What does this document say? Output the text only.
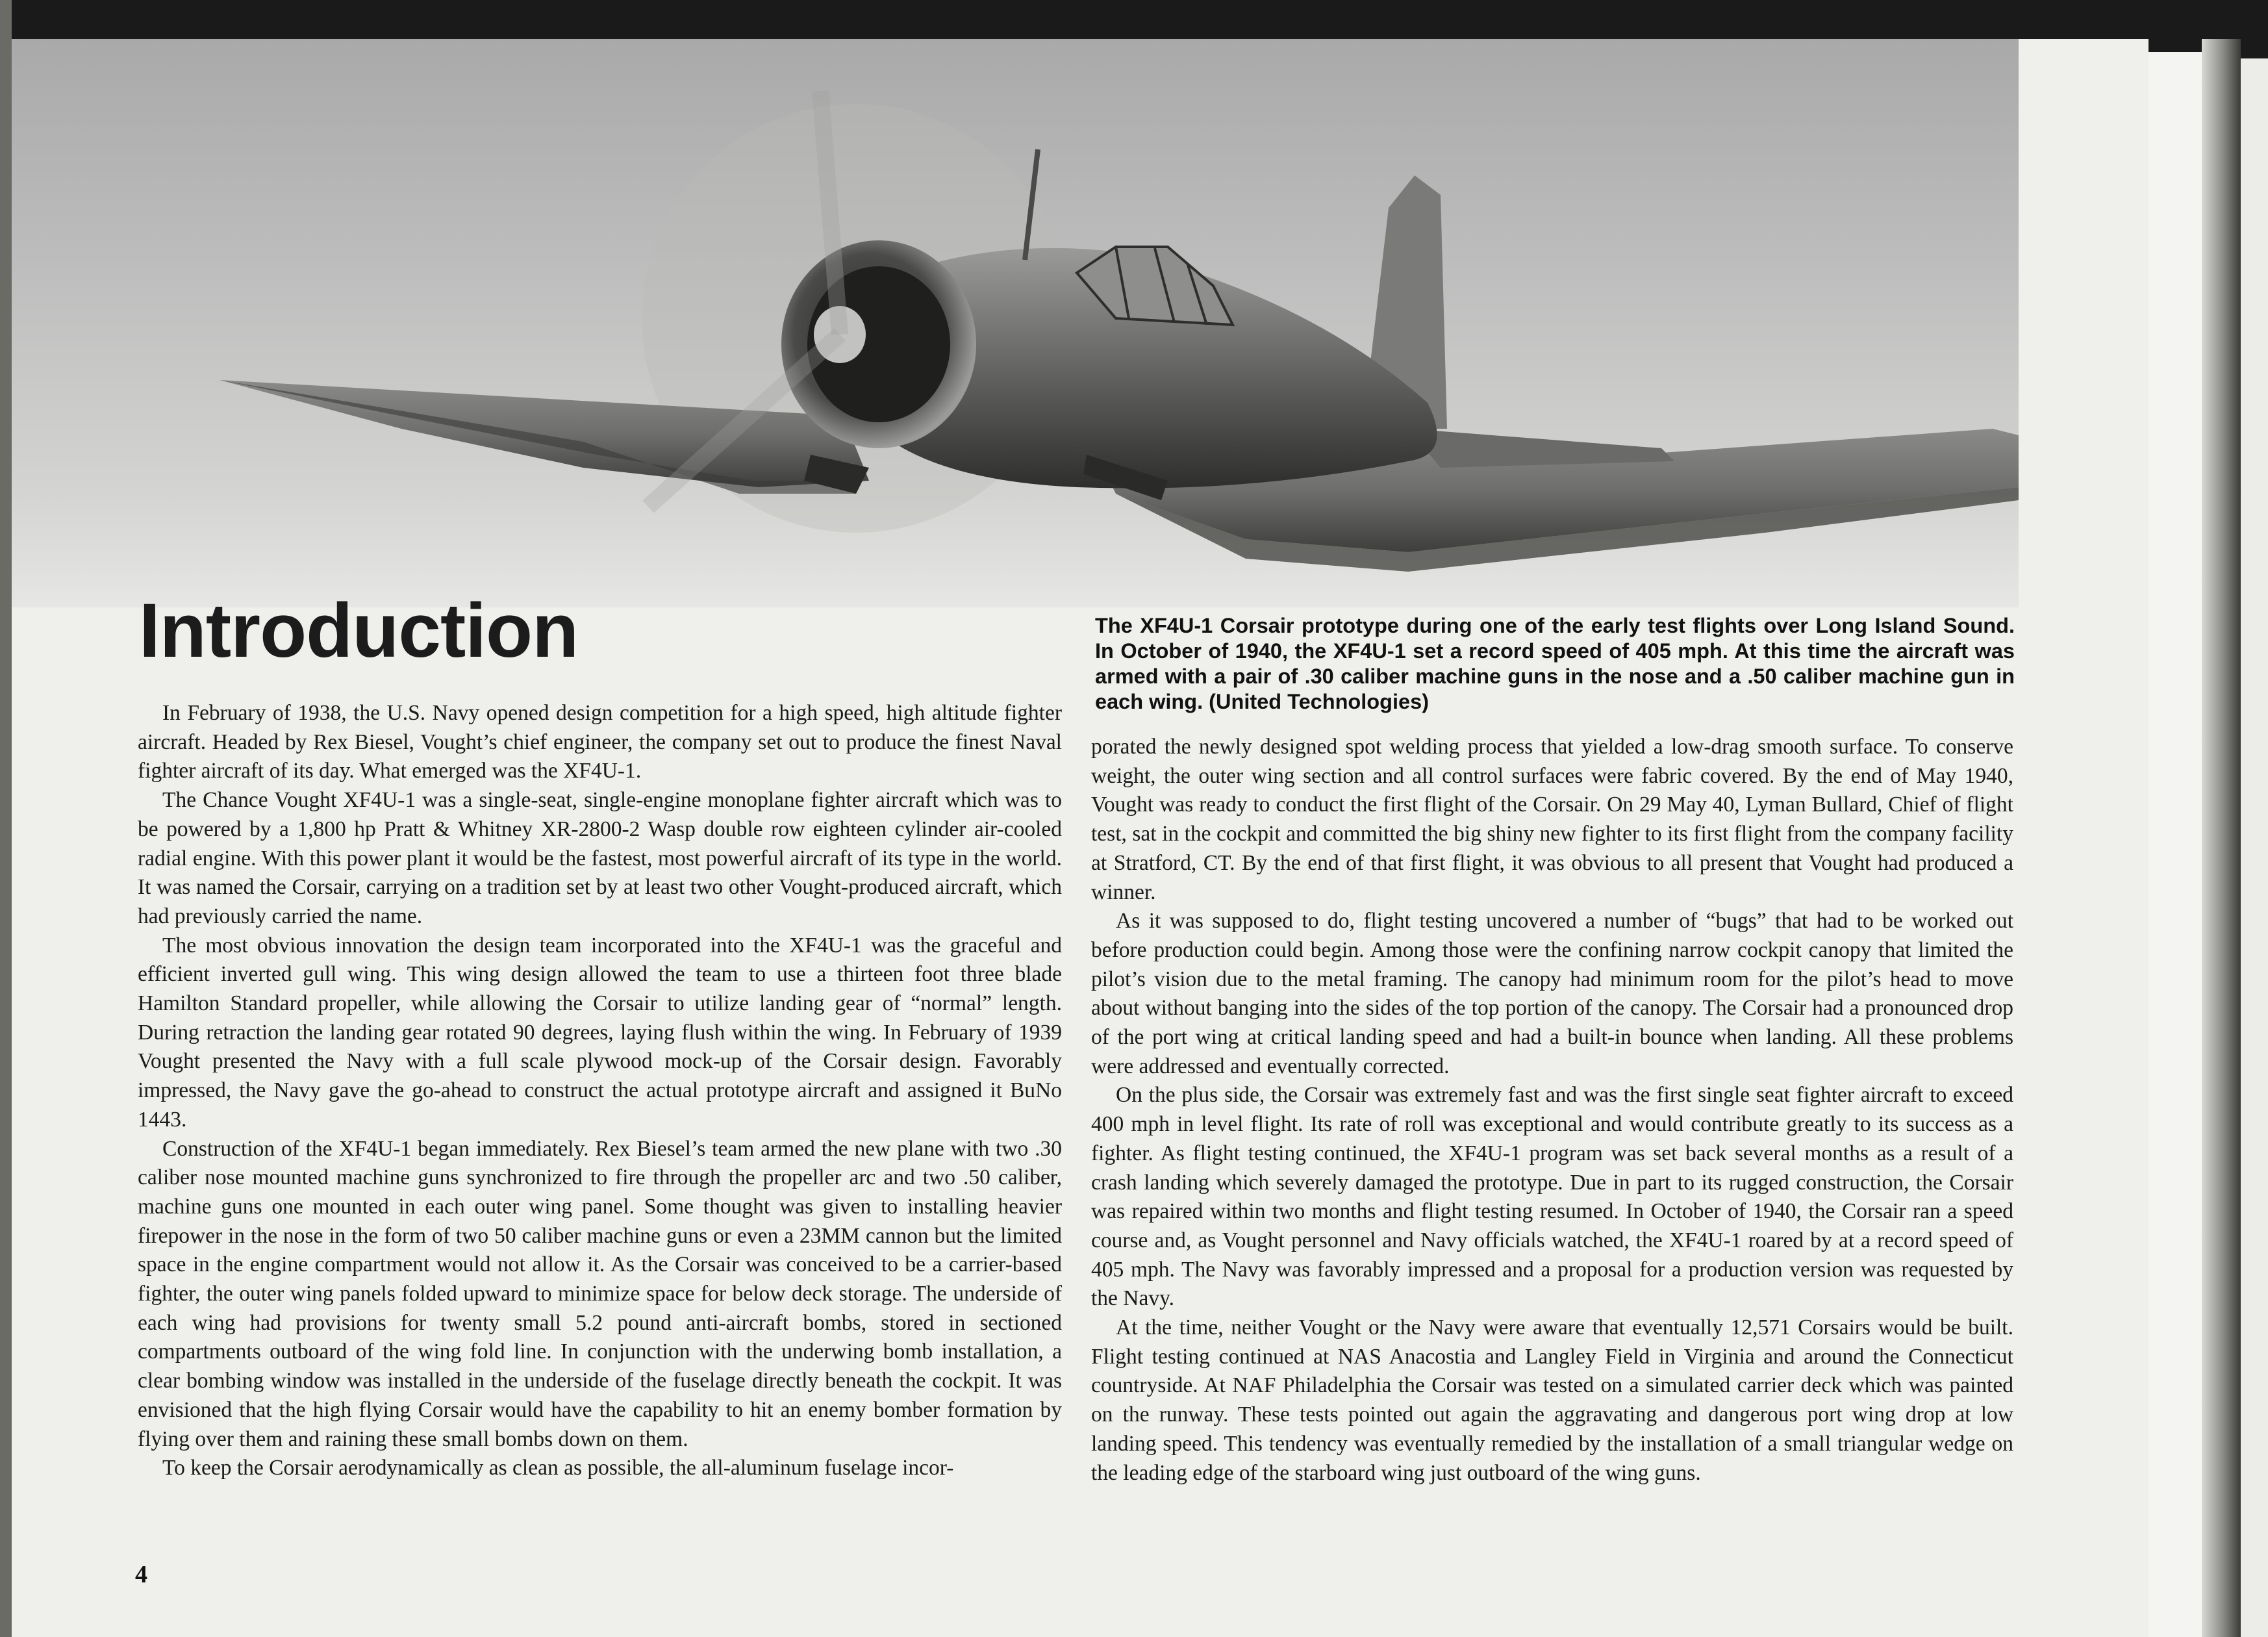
Introduction	The XF4U-1 Corsair prototype during one of the early test flights over Long Island Sound. In October of 1940, the XF4U-1 set a record speed of 405 mph. At this time the aircraft was armed with a pair of .30 caliber machine guns in the nose and a .50 caliber machine gun in each wing. (United Technologies)

In February of 1938, the U.S. Navy opened design competition for a high speed, high altitude fighter aircraft. Headed by Rex Biesel, Vought’s chief engineer, the company set out to produce the finest Naval fighter aircraft of its day. What emerged was the XF4U-1.

The Chance Vought XF4U-1 was a single-seat, single-engine monoplane fighter aircraft which was to be powered by a 1,800 hp Pratt & Whitney XR-2800-2 Wasp double row eighteen cylinder air-cooled radial engine. With this power plant it would be the fastest, most powerful aircraft of its type in the world. It was named the Corsair, carrying on a tradition set by at least two other Vought-produced aircraft, which had previously carried the name.

The most obvious innovation the design team incorporated into the XF4U-1 was the graceful and efficient inverted gull wing. This wing design allowed the team to use a thirteen foot three blade Hamilton Standard propeller, while allowing the Corsair to utilize landing gear of “normal” length. During retraction the landing gear rotated 90 degrees, laying flush within the wing. In February of 1939 Vought presented the Navy with a full scale plywood mock-up of the Corsair design. Favorably impressed, the Navy gave the go-ahead to construct the actual prototype aircraft and assigned it BuNo 1443.

Construction of the XF4U-1 began immediately. Rex Biesel’s team armed the new plane with two .30 caliber nose mounted machine guns synchronized to fire through the propeller arc and two .50 caliber, machine guns one mounted in each outer wing panel. Some thought was given to installing heavier firepower in the nose in the form of two 50 caliber machine guns or even a 23MM cannon but the limited space in the engine compartment would not allow it. As the Corsair was conceived to be a carrier-based fighter, the outer wing panels folded upward to minimize space for below deck storage. The underside of each wing had provisions for twenty small 5.2 pound anti-aircraft bombs, stored in sectioned compartments outboard of the wing fold line. In conjunction with the underwing bomb installation, a clear bombing window was installed in the underside of the fuselage directly beneath the cockpit. It was envisioned that the high flying Corsair would have the capability to hit an enemy bomber formation by flying over them and raining these small bombs down on them.

To keep the Corsair aerodynamically as clean as possible, the all-aluminum fuselage incor-

porated the newly designed spot welding process that yielded a low-drag smooth surface. To conserve weight, the outer wing section and all control surfaces were fabric covered. By the end of May 1940, Vought was ready to conduct the first flight of the Corsair. On 29 May 40, Lyman Bullard, Chief of flight test, sat in the cockpit and committed the big shiny new fighter to its first flight from the company facility at Stratford, CT. By the end of that first flight, it was obvious to all present that Vought had produced a winner.

As it was supposed to do, flight testing uncovered a number of “bugs” that had to be worked out before production could begin. Among those were the confining narrow cockpit canopy that limited the pilot’s vision due to the metal framing. The canopy had minimum room for the pilot’s head to move about without banging into the sides of the top portion of the canopy. The Corsair had a pronounced drop of the port wing at critical landing speed and had a built-in bounce when landing. All these problems were addressed and eventually corrected.

On the plus side, the Corsair was extremely fast and was the first single seat fighter aircraft to exceed 400 mph in level flight. Its rate of roll was exceptional and would contribute greatly to its success as a fighter. As flight testing continued, the XF4U-1 program was set back several months as a result of a crash landing which severely damaged the prototype. Due in part to its rugged construction, the Corsair was repaired within two months and flight testing resumed. In October of 1940, the Corsair ran a speed course and, as Vought personnel and Navy officials watched, the XF4U-1 roared by at a record speed of 405 mph. The Navy was favorably impressed and a proposal for a production version was requested by the Navy.

At the time, neither Vought or the Navy were aware that eventually 12,571 Corsairs would be built. Flight testing continued at NAS Anacostia and Langley Field in Virginia and around the Connecticut countryside. At NAF Philadelphia the Corsair was tested on a simulated carrier deck which was painted on the runway. These tests pointed out again the aggravating and dangerous port wing drop at low landing speed. This tendency was eventually remedied by the installation of a small triangular wedge on the leading edge of the starboard wing just outboard of the wing guns.

4
